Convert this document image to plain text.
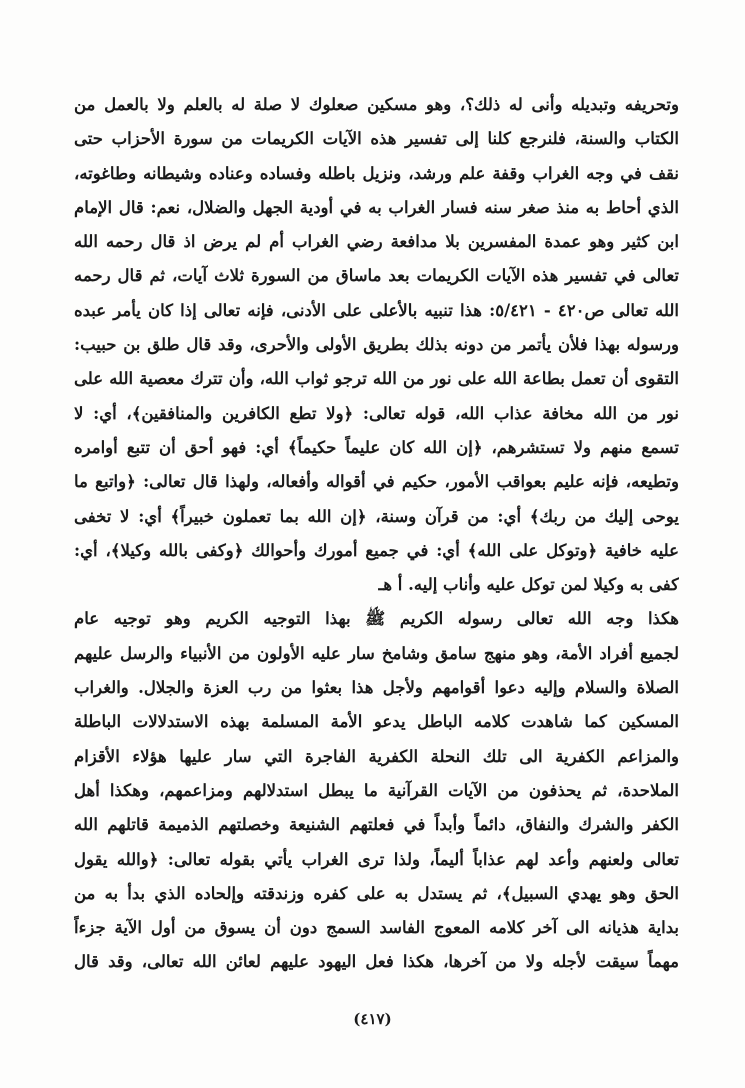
وتحريفه وتبديله وأنى له ذلك؟، وهو مسكين صعلوك لا صلة له بالعلم ولا بالعمل من
الكتاب والسنة، فلنرجع كلنا إلى تفسير هذه الآيات الكريمات من سورة الأحزاب حتى
نقف في وجه الغراب وقفة علم ورشد، ونزيل باطله وفساده وعناده وشيطانه وطاغوته،
الذي أحاط به منذ صغر سنه فسار الغراب به في أودية الجهل والضلال، نعم: قال الإمام
ابن كثير وهو عمدة المفسرين بلا مدافعة رضي الغراب أم لم يرض اذ قال رحمه الله
تعالى في تفسير هذه الآيات الكريمات بعد ماساق من السورة ثلاث آيات، ثم قال رحمه
الله تعالى ص٤٢٠ - ٥/٤٢١: هذا تنبيه بالأعلى على الأدنى، فإنه تعالى إذا كان يأمر عبده
ورسوله بهذا فلأن يأتمر من دونه بذلك بطريق الأولى والأحرى، وقد قال طلق بن حبيب:
التقوى أن تعمل بطاعة الله على نور من الله ترجو ثواب الله، وأن تترك معصية الله على
نور من الله مخافة عذاب الله، قوله تعالى: ﴿ولا تطع الكافرين والمنافقين﴾، أي: لا
تسمع منهم ولا تستشرهم، ﴿إن الله كان عليماً حكيماً﴾ أي: فهو أحق أن تتبع أوامره
وتطيعه، فإنه عليم بعواقب الأمور، حكيم في أقواله وأفعاله، ولهذا قال تعالى: ﴿واتبع ما
يوحى إليك من ربك﴾ أي: من قرآن وسنة، ﴿إن الله بما تعملون خبيراً﴾ أي: لا تخفى
عليه خافية ﴿وتوكل على الله﴾ أي: في جميع أمورك وأحوالك ﴿وكفى بالله وكيلا﴾، أي:
كفى به وكيلا لمن توكل عليه وأناب إليه. أ هـ
هكذا وجه الله تعالى رسوله الكريم ﷺ بهذا التوجيه الكريم وهو توجيه عام
لجميع أفراد الأمة، وهو منهج سامق وشامخ سار عليه الأولون من الأنبياء والرسل عليهم
الصلاة والسلام وإليه دعوا أقوامهم ولأجل هذا بعثوا من رب العزة والجلال. والغراب
المسكين كما شاهدت كلامه الباطل يدعو الأمة المسلمة بهذه الاستدلالات الباطلة
والمزاعم الكفرية الى تلك النحلة الكفرية الفاجرة التي سار عليها هؤلاء الأقزام
الملاحدة، ثم يحذفون من الآيات القرآنية ما يبطل استدلالهم ومزاعمهم، وهكذا أهل
الكفر والشرك والنفاق، دائماً وأبداً في فعلتهم الشنيعة وخصلتهم الذميمة قاتلهم الله
تعالى ولعنهم وأعد لهم عذاباً أليماً، ولذا ترى الغراب يأتي بقوله تعالى: ﴿والله يقول
الحق وهو يهدي السبيل﴾، ثم يستدل به على كفره وزندقته وإلحاده الذي بدأ به من
بداية هذيانه الى آخر كلامه المعوج الفاسد السمج دون أن يسوق من أول الآية جزءاً
مهماً سيقت لأجله ولا من آخرها، هكذا فعل اليهود عليهم لعائن الله تعالى، وقد قال
(٤١٧)
